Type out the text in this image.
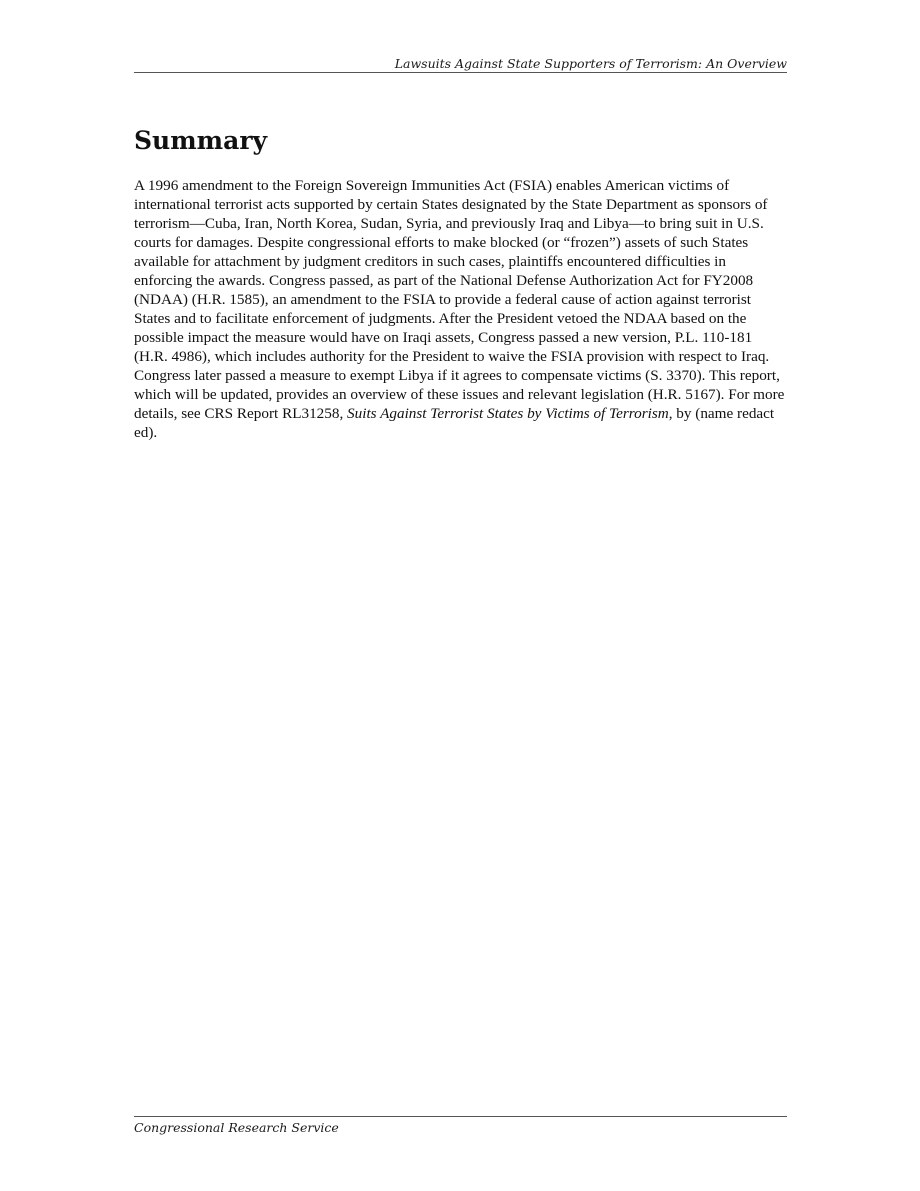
Lawsuits Against State Supporters of Terrorism: An Overview
Summary

A 1996 amendment to the Foreign Sovereign Immunities Act (FSIA) enables American victims of international terrorist acts supported by certain States designated by the State Department as sponsors of terrorism—Cuba, Iran, North Korea, Sudan, Syria, and previously Iraq and Libya—to bring suit in U.S. courts for damages. Despite congressional efforts to make blocked (or “frozen”) assets of such States available for attachment by judgment creditors in such cases, plaintiffs encountered difficulties in enforcing the awards. Congress passed, as part of the National Defense Authorization Act for FY2008 (NDAA) (H.R. 1585), an amendment to the FSIA to provide a federal cause of action against terrorist States and to facilitate enforcement of judgments. After the President vetoed the NDAA based on the possible impact the measure would have on Iraqi assets, Congress passed a new version, P.L. 110-181 (H.R. 4986), which includes authority for the President to waive the FSIA provision with respect to Iraq. Congress later passed a measure to exempt Libya if it agrees to compensate victims (S. 3370). This report, which will be updated, provides an overview of these issues and relevant legislation (H.R. 5167). For more details, see CRS Report RL31258, Suits Against Terrorist States by Victims of Terrorism, by (name redact ed).

Congressional Research Service
